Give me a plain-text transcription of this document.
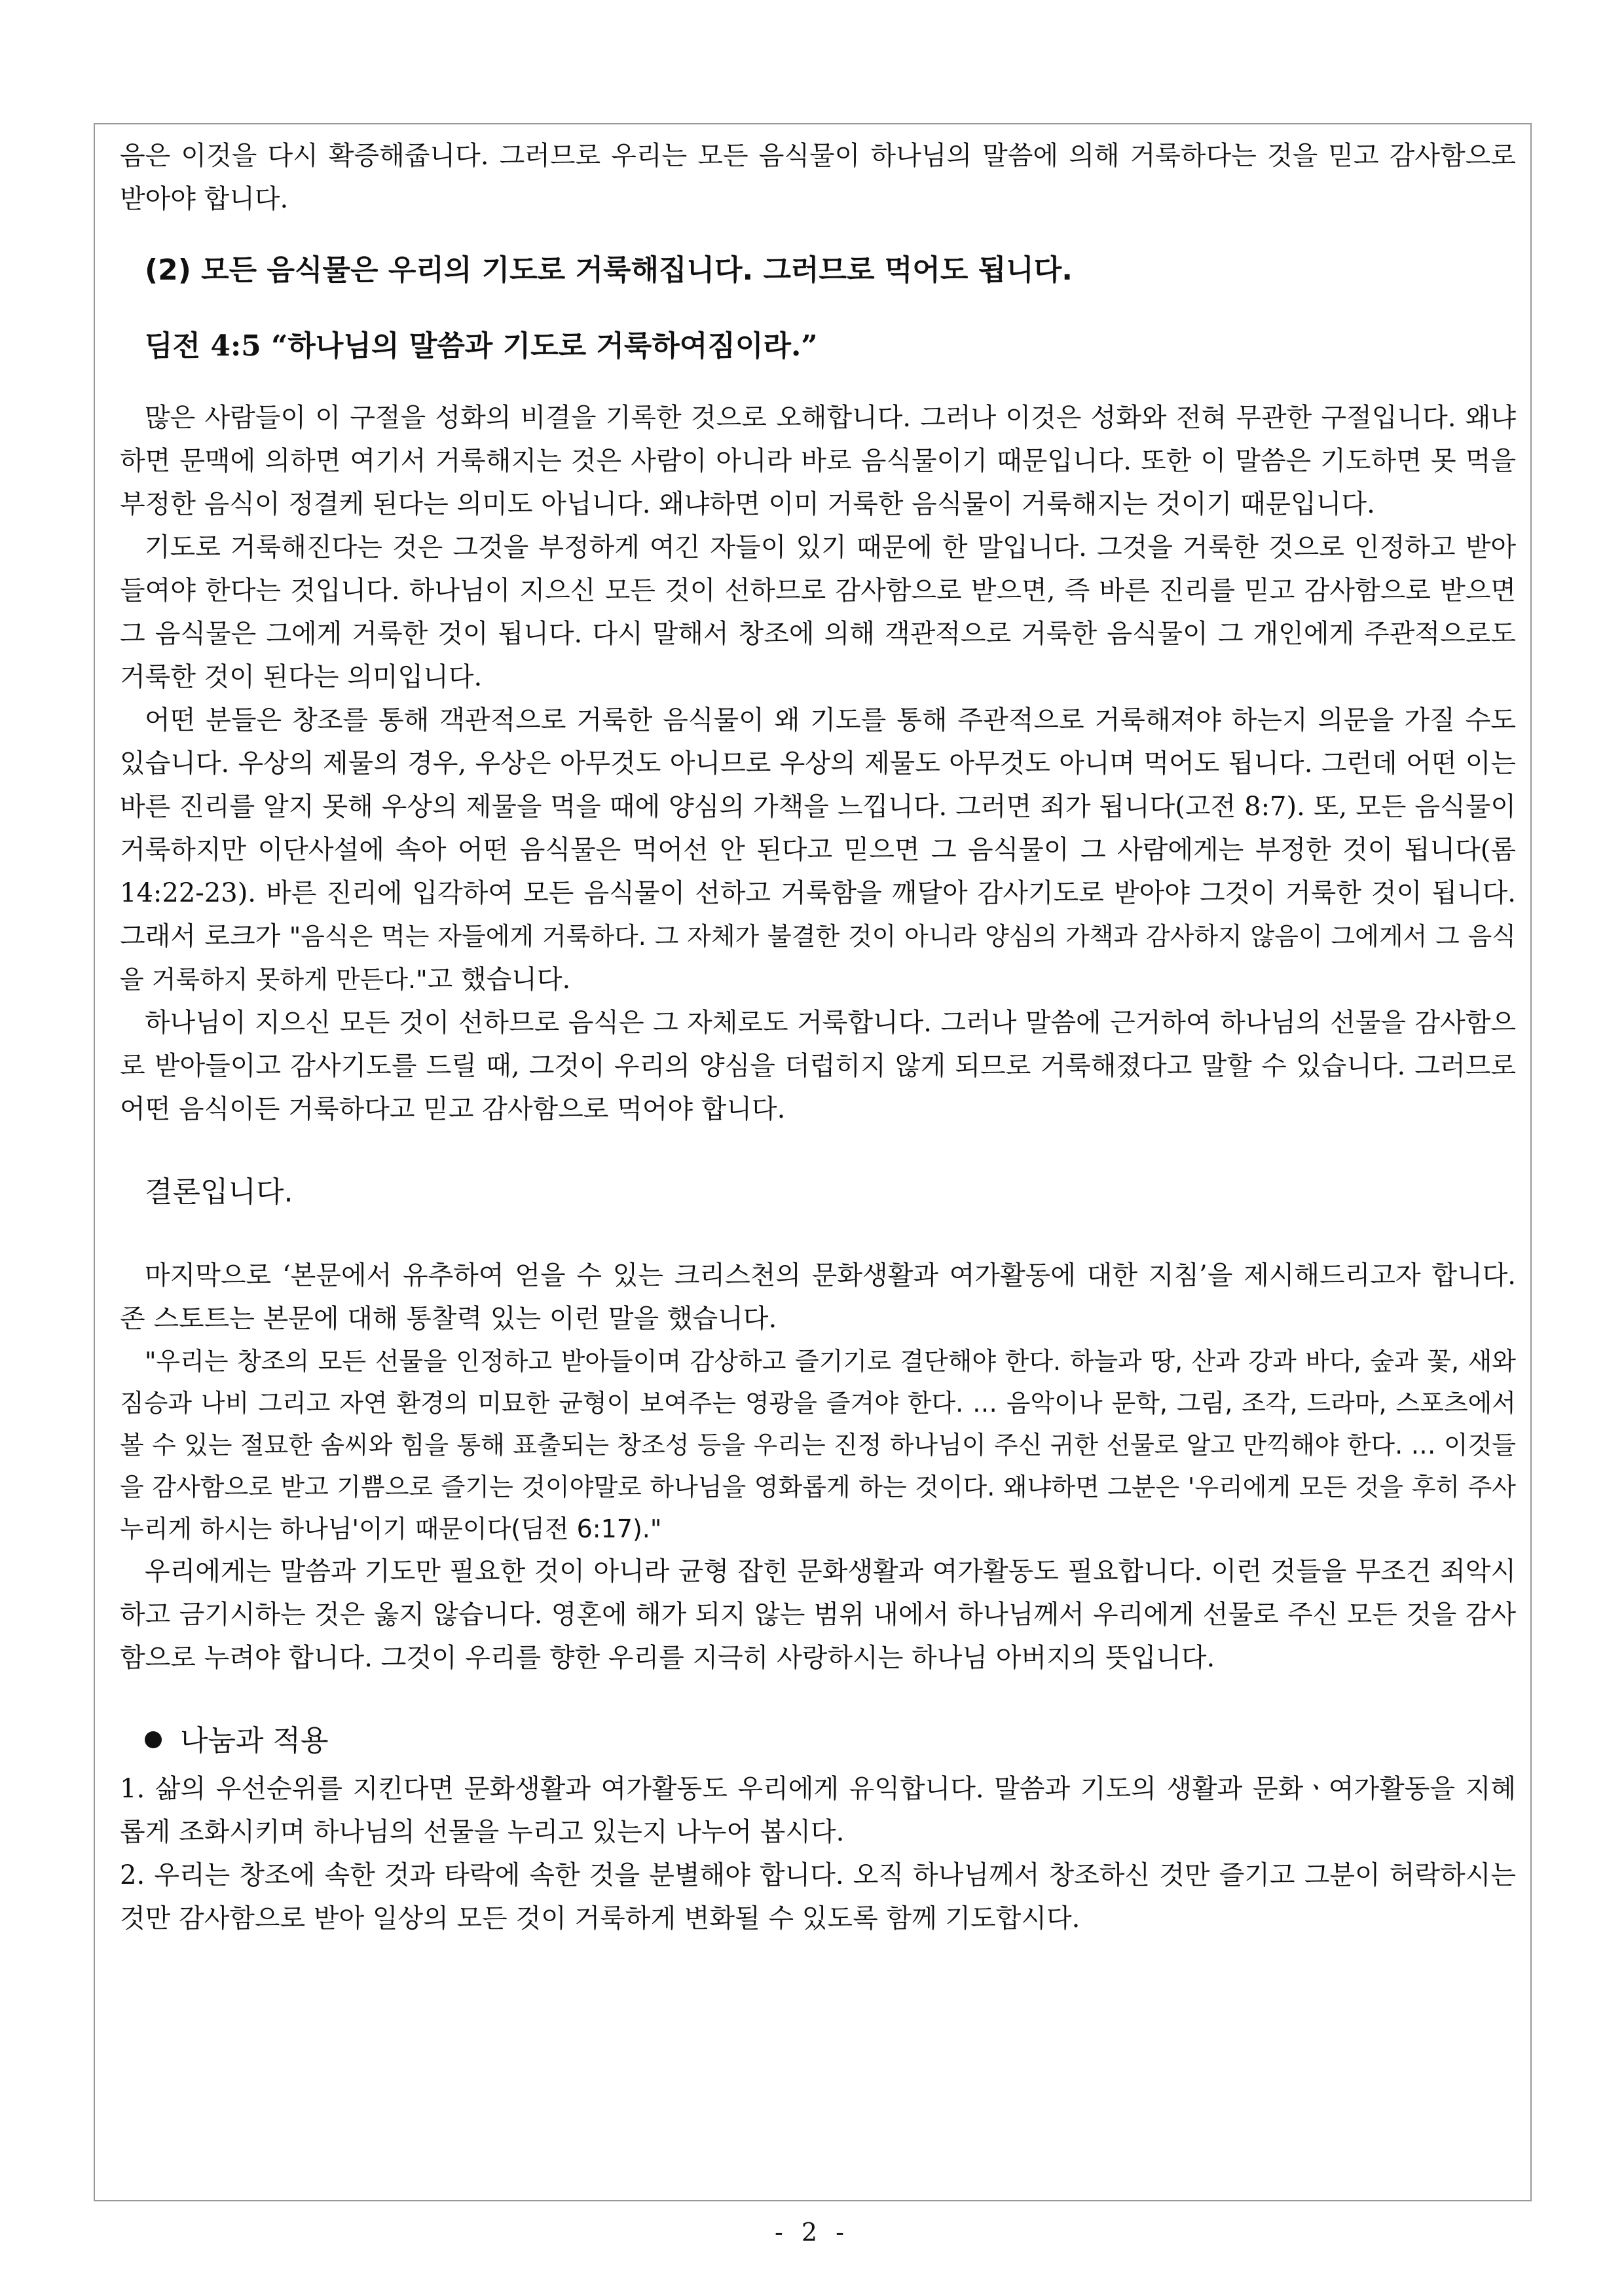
음은 이것을 다시 확증해줍니다. 그러므로 우리는 모든 음식물이 하나님의 말씀에 의해 거룩하다는 것을 믿고 감사함으로 받아야 합니다.

(2) 모든 음식물은 우리의 기도로 거룩해집니다. 그러므로 먹어도 됩니다.
딤전 4:5 “하나님의 말씀과 기도로 거룩하여짐이라.”

많은 사람들이 이 구절을 성화의 비결을 기록한 것으로 오해합니다. 그러나 이것은 성화와 전혀 무관한 구절입니다. 왜냐하면 문맥에 의하면 여기서 거룩해지는 것은 사람이 아니라 바로 음식물이기 때문입니다. 또한 이 말씀은 기도하면 못 먹을 부정한 음식이 정결케 된다는 의미도 아닙니다. 왜냐하면 이미 거룩한 음식물이 거룩해지는 것이기 때문입니다.

기도로 거룩해진다는 것은 그것을 부정하게 여긴 자들이 있기 때문에 한 말입니다. 그것을 거룩한 것으로 인정하고 받아들여야 한다는 것입니다. 하나님이 지으신 모든 것이 선하므로 감사함으로 받으면, 즉 바른 진리를 믿고 감사함으로 받으면 그 음식물은 그에게 거룩한 것이 됩니다. 다시 말해서 창조에 의해 객관적으로 거룩한 음식물이 그 개인에게 주관적으로도 거룩한 것이 된다는 의미입니다.

어떤 분들은 창조를 통해 객관적으로 거룩한 음식물이 왜 기도를 통해 주관적으로 거룩해져야 하는지 의문을 가질 수도 있습니다. 우상의 제물의 경우, 우상은 아무것도 아니므로 우상의 제물도 아무것도 아니며 먹어도 됩니다. 그런데 어떤 이는 바른 진리를 알지 못해 우상의 제물을 먹을 때에 양심의 가책을 느낍니다. 그러면 죄가 됩니다(고전 8:7). 또, 모든 음식물이 거룩하지만 이단사설에 속아 어떤 음식물은 먹어선 안 된다고 믿으면 그 음식물이 그 사람에게는 부정한 것이 됩니다(롬 14:22-23). 바른 진리에 입각하여 모든 음식물이 선하고 거룩함을 깨달아 감사기도로 받아야 그것이 거룩한 것이 됩니다. 그래서 로크가 "음식은 먹는 자들에게 거룩하다. 그 자체가 불결한 것이 아니라 양심의 가책과 감사하지 않음이 그에게서 그 음식을 거룩하지 못하게 만든다."고 했습니다.

하나님이 지으신 모든 것이 선하므로 음식은 그 자체로도 거룩합니다. 그러나 말씀에 근거하여 하나님의 선물을 감사함으로 받아들이고 감사기도를 드릴 때, 그것이 우리의 양심을 더럽히지 않게 되므로 거룩해졌다고 말할 수 있습니다. 그러므로 어떤 음식이든 거룩하다고 믿고 감사함으로 먹어야 합니다.

결론입니다.

마지막으로 ‘본문에서 유추하여 얻을 수 있는 크리스천의 문화생활과 여가활동에 대한 지침’을 제시해드리고자 합니다. 존 스토트는 본문에 대해 통찰력 있는 이런 말을 했습니다.

"우리는 창조의 모든 선물을 인정하고 받아들이며 감상하고 즐기기로 결단해야 한다. 하늘과 땅, 산과 강과 바다, 숲과 꽃, 새와 짐승과 나비 그리고 자연 환경의 미묘한 균형이 보여주는 영광을 즐겨야 한다. … 음악이나 문학, 그림, 조각, 드라마, 스포츠에서 볼 수 있는 절묘한 솜씨와 힘을 통해 표출되는 창조성 등을 우리는 진정 하나님이 주신 귀한 선물로 알고 만끽해야 한다. … 이것들을 감사함으로 받고 기쁨으로 즐기는 것이야말로 하나님을 영화롭게 하는 것이다. 왜냐하면 그분은 '우리에게 모든 것을 후히 주사 누리게 하시는 하나님'이기 때문이다(딤전 6:17)."

우리에게는 말씀과 기도만 필요한 것이 아니라 균형 잡힌 문화생활과 여가활동도 필요합니다. 이런 것들을 무조건 죄악시하고 금기시하는 것은 옳지 않습니다. 영혼에 해가 되지 않는 범위 내에서 하나님께서 우리에게 선물로 주신 모든 것을 감사함으로 누려야 합니다. 그것이 우리를 향한 우리를 지극히 사랑하시는 하나님 아버지의 뜻입니다.

나눔과 적용

1. 삶의 우선순위를 지킨다면 문화생활과 여가활동도 우리에게 유익합니다. 말씀과 기도의 생활과 문화ㆍ여가활동을 지혜롭게 조화시키며 하나님의 선물을 누리고 있는지 나누어 봅시다.

2. 우리는 창조에 속한 것과 타락에 속한 것을 분별해야 합니다. 오직 하나님께서 창조하신 것만 즐기고 그분이 허락하시는 것만 감사함으로 받아 일상의 모든 것이 거룩하게 변화될 수 있도록 함께 기도합시다.

- 2 -
